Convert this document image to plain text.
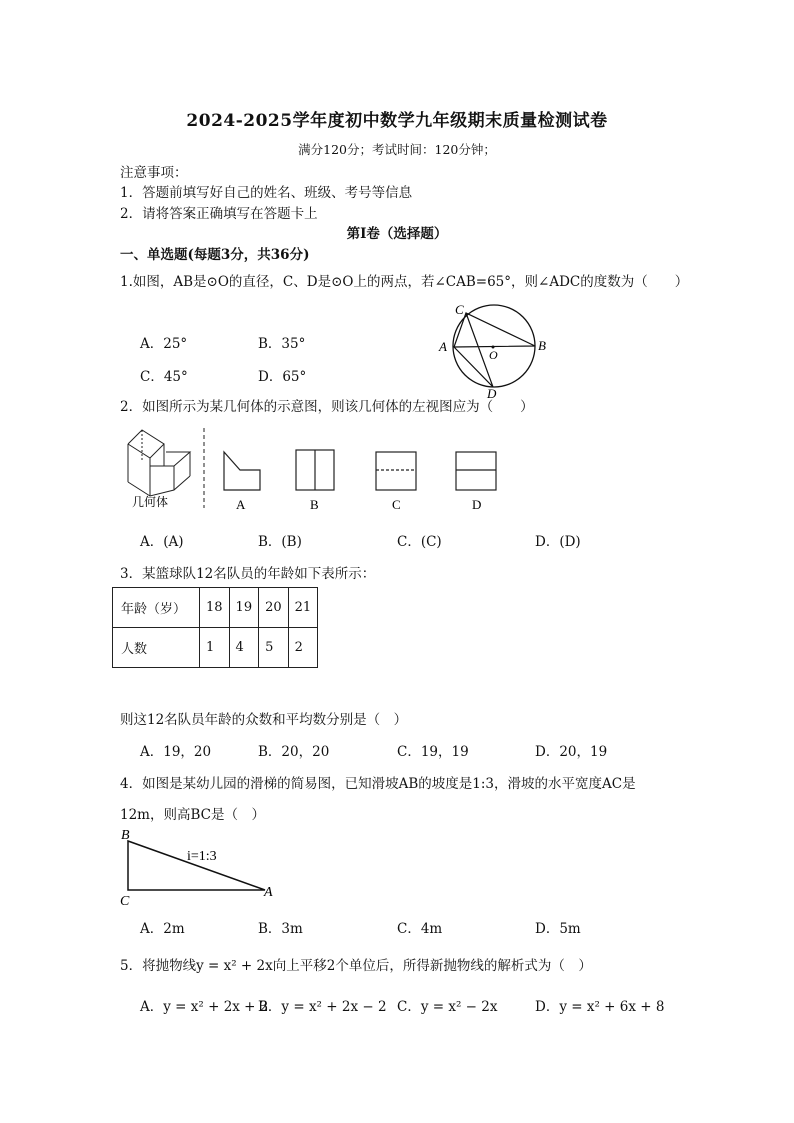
2024-2025学年度初中数学九年级期末质量检测试卷
满分120分；考试时间：120分钟；
注意事项：
1．答题前填写好自己的姓名、班级、考号等信息
2．请将答案正确填写在答题卡上
第I卷（选择题）
一、单选题(每题3分，共36分)
1.如图，AB是⊙O的直径，C、D是⊙O上的两点，若∠CAB=65°，则∠ADC的度数为（　　）
A．25°	B．35°
C．45°	D．65°
A	B
C
D
O
2．如图所示为某几何体的示意图，则该几何体的左视图应为（　　）
几何体	A	B	C	D
A．(A)	B．(B)	C．(C)	D．(D)
3．某篮球队12名队员的年龄如下表所示：
年龄（岁）	18	19	20	21
人数	1	4	5	2
则这12名队员年龄的众数和平均数分别是（　）
A．19，20	B．20，20	C．19，19	D．20，19
4．如图是某幼儿园的滑梯的简易图，已知滑坡AB的坡度是1:3，滑坡的水平宽度AC是
12m，则高BC是（　）
B
C
A
i=1:3
A．2m	B．3m	C．4m	D．5m
5．将抛物线y = x² + 2x向上平移2个单位后，所得新抛物线的解析式为（　）
A．y = x² + 2x + 2
B．y = x² + 2x − 2 C．y = x² − 2x	D．y = x² + 6x + 8
